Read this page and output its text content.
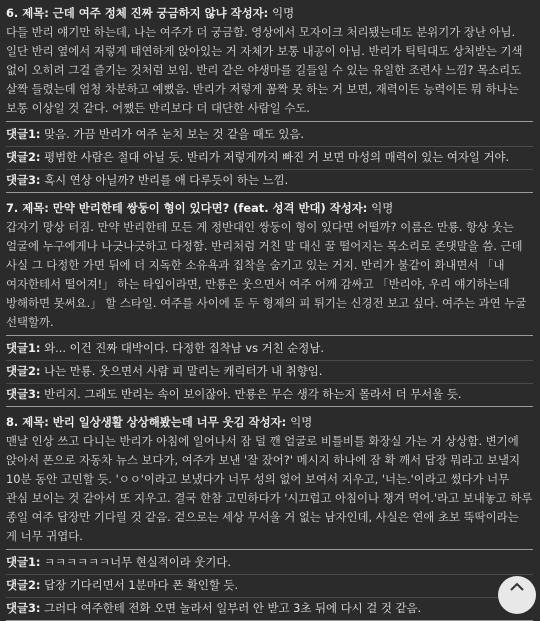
6. 제목: 근데 여주 정체 진짜 궁금하지 않냐 작성자: 익명
다들 반리 얘기만 하는데, 나는 여주가 더 궁금함. 영상에서 모자이크 처리됐는데도 분위기가 장난 아님. 일단 반리 옆에서 저렇게 태연하게 앉아있는 거 자체가 보통 내공이 아님. 반리가 틱틱대도 상처받는 기색 없이 오히려 그걸 즐기는 것처럼 보임. 반리 같은 야생마를 길들일 수 있는 유일한 조련사 느낌? 목소리도 살짝 들렸는데 엄청 차분하고 예뻤음. 반리가 저렇게 꼼짝 못 하는 거 보면, 재력이든 능력이든 뭐 하나는 보통 이상일 것 같다. 어쨌든 반리보다 더 대단한 사람일 수도.
댓글1: 맞음. 가끔 반리가 여주 눈치 보는 것 같을 때도 있음.
댓글2: 평범한 사람은 절대 아닐 듯. 반리가 저렇게까지 빠진 거 보면 마성의 매력이 있는 여자일 거야.
댓글3: 혹시 연상 아닐까? 반리를 애 다루듯이 하는 느낌.
7. 제목: 만약 반리한테 쌍둥이 형이 있다면? (feat. 성격 반대) 작성자: 익명
갑자기 망상 터짐. 만약 반리한테 모든 게 정반대인 쌍둥이 형이 있다면 어떨까? 이름은 만룡. 항상 웃는 얼굴에 누구에게나 나긋나긋하고 다정함. 반리처럼 거친 말 대신 꿀 떨어지는 목소리로 존댓말을 씀. 근데 사실 그 다정한 가면 뒤에 더 지독한 소유욕과 집착을 숨기고 있는 거지. 반리가 불같이 화내면서 「내 여자한테서 떨어져!」 하는 타입이라면, 만룡은 웃으면서 여주 어깨 감싸고 「반리야, 우리 얘기하는데 방해하면 못써요.」 할 스타일. 여주를 사이에 둔 두 형제의 피 튀기는 신경전 보고 싶다. 여주는 과연 누굴 선택할까.
댓글1: 와... 이건 진짜 대박이다. 다정한 집착남 vs 거친 순정남.
댓글2: 나는 만룡. 웃으면서 사람 피 말리는 캐릭터가 내 취향임.
댓글3: 반리지. 그래도 반리는 속이 보이잖아. 만룡은 무슨 생각 하는지 몰라서 더 무서울 듯.
8. 제목: 반리 일상생활 상상해봤는데 너무 웃김 작성자: 익명
맨날 인상 쓰고 다니는 반리가 아침에 일어나서 잠 덜 깬 얼굴로 비틀비틀 화장실 가는 거 상상함. 변기에 앉아서 폰으로 자동차 뉴스 보다가, 여주가 보낸 '잘 잤어?' 메시지 하나에 잠 확 깨서 답장 뭐라고 보낼지 10분 동안 고민할 듯. 'ㅇㅇ'이라고 보냈다가 너무 성의 없어 보여서 지우고, '너는.'이라고 썼다가 너무 관심 보이는 것 같아서 또 지우고. 결국 한참 고민하다가 '시끄럽고 아침이나 챙겨 먹어.'라고 보내놓고 하루 종일 여주 답장만 기다릴 것 같음. 겉으로는 세상 무서울 거 없는 남자인데, 사실은 연애 초보 뚝딱이라는 게 너무 귀엽다.
댓글1: ㅋㅋㅋㅋㅋㅋ너무 현실적이라 웃기다.
댓글2: 답장 기다리면서 1분마다 폰 확인할 듯.
댓글3: 그러다 여주한테 전화 오면 놀라서 일부러 안 받고 3초 뒤에 다시 걸 것 같음.
